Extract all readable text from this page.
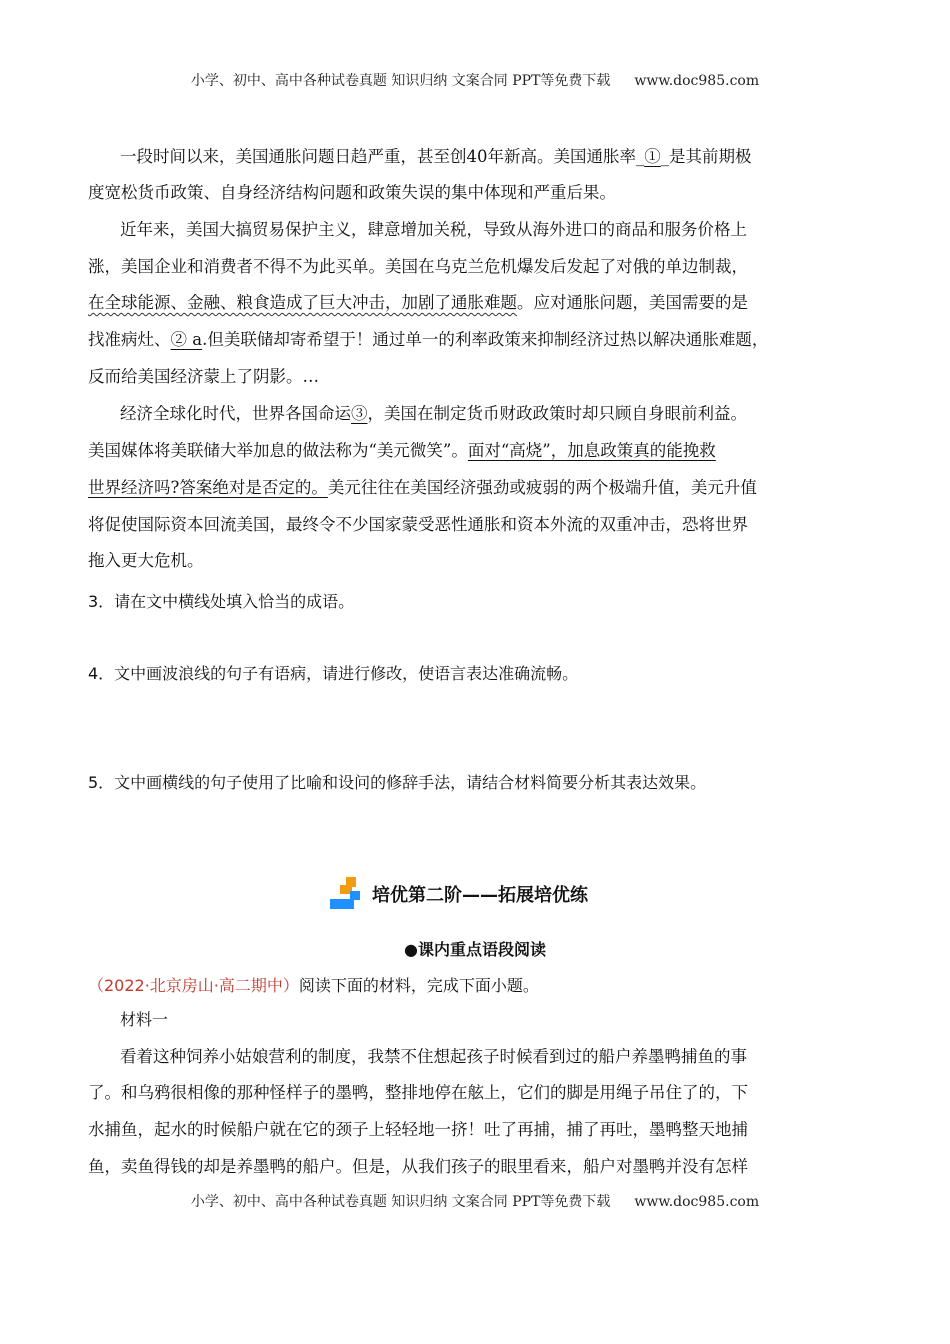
小学、初中、高中各种试卷真题 知识归纳 文案合同 PPT等免费下载 www.doc985.com
一段时间以来，美国通胀问题日趋严重，甚至创40年新高。美国通胀率_①_是其前期极
度宽松货币政策、自身经济结构问题和政策失误的集中体现和严重后果。
近年来，美国大搞贸易保护主义，肆意增加关税，导致从海外进口的商品和服务价格上
涨，美国企业和消费者不得不为此买单。美国在乌克兰危机爆发后发起了对俄的单边制裁，
在全球能源、金融、粮食造成了巨大冲击，加剧了通胀难题。应对通胀问题，美国需要的是
找准病灶、② a.但美联储却寄希望于！通过单一的利率政策来抑制经济过热以解决通胀难题，
反而给美国经济蒙上了阴影。…
经济全球化时代，世界各国命运③，美国在制定货币财政政策时却只顾自身眼前利益。
美国媒体将美联储大举加息的做法称为“美元微笑”。面对“高烧”，加息政策真的能挽救
世界经济吗?答案绝对是否定的。美元往往在美国经济强劲或疲弱的两个极端升值，美元升值
将促使国际资本回流美国，最终令不少国家蒙受恶性通胀和资本外流的双重冲击，恐将世界
拖入更大危机。
3．请在文中横线处填入恰当的成语。
4．文中画波浪线的句子有语病，请进行修改，使语言表达准确流畅。
5．文中画横线的句子使用了比喻和设问的修辞手法，请结合材料简要分析其表达效果。
培优第二阶——拓展培优练
●课内重点语段阅读
（2022·北京房山·高二期中）阅读下面的材料，完成下面小题。
材料一
看着这种饲养小姑娘营利的制度，我禁不住想起孩子时候看到过的船户养墨鸭捕鱼的事
了。和乌鸦很相像的那种怪样子的墨鸭，整排地停在舷上，它们的脚是用绳子吊住了的，下
水捕鱼，起水的时候船户就在它的颈子上轻轻地一挤！吐了再捕，捕了再吐，墨鸭整天地捕
鱼，卖鱼得钱的却是养墨鸭的船户。但是，从我们孩子的眼里看来，船户对墨鸭并没有怎样
小学、初中、高中各种试卷真题 知识归纳 文案合同 PPT等免费下载 www.doc985.com
